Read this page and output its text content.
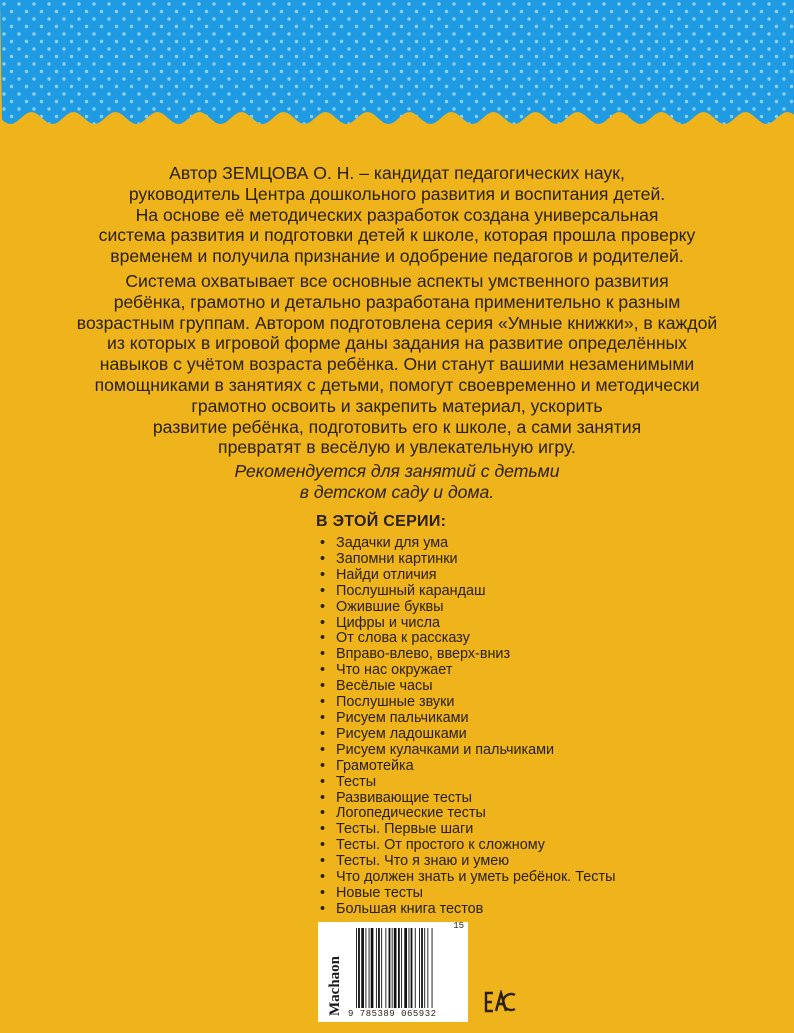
Автор ЗЕМЦОВА О. Н. – кандидат педагогических наук,
руководитель Центра дошкольного развития и воспитания детей.
На основе её методических разработок создана универсальная
система развития и подготовки детей к школе, которая прошла проверку
временем и получила признание и одобрение педагогов и родителей.

Система охватывает все основные аспекты умственного развития
ребёнка, грамотно и детально разработана применительно к разным
возрастным группам. Автором подготовлена серия «Умные книжки», в каждой
из которых в игровой форме даны задания на развитие определённых
навыков с учётом возраста ребёнка. Они станут вашими незаменимыми
помощниками в занятиях с детьми, помогут своевременно и методически
грамотно освоить и закрепить материал, ускорить
развитие ребёнка, подготовить его к школе, а сами занятия
превратят в весёлую и увлекательную игру.

Рекомендуется для занятий с детьми
в детском саду и дома.
В ЭТОЙ СЕРИИ:
• Задачки для ума
• Запомни картинки
• Найди отличия
• Послушный карандаш
• Ожившие буквы
• Цифры и числа
• От слова к рассказу
• Вправо-влево, вверх-вниз
• Что нас окружает
• Весёлые часы
• Послушные звуки
• Рисуем пальчиками
• Рисуем ладошками
• Рисуем кулачками и пальчиками
• Грамотейка
• Тесты
• Развивающие тесты
• Логопедические тесты
• Тесты. Первые шаги
• Тесты. От простого к сложному
• Тесты. Что я знаю и умею
• Что должен знать и уметь ребёнок. Тесты
• Новые тесты
• Большая книга тестов
Machaon
15
9 785389 065932
